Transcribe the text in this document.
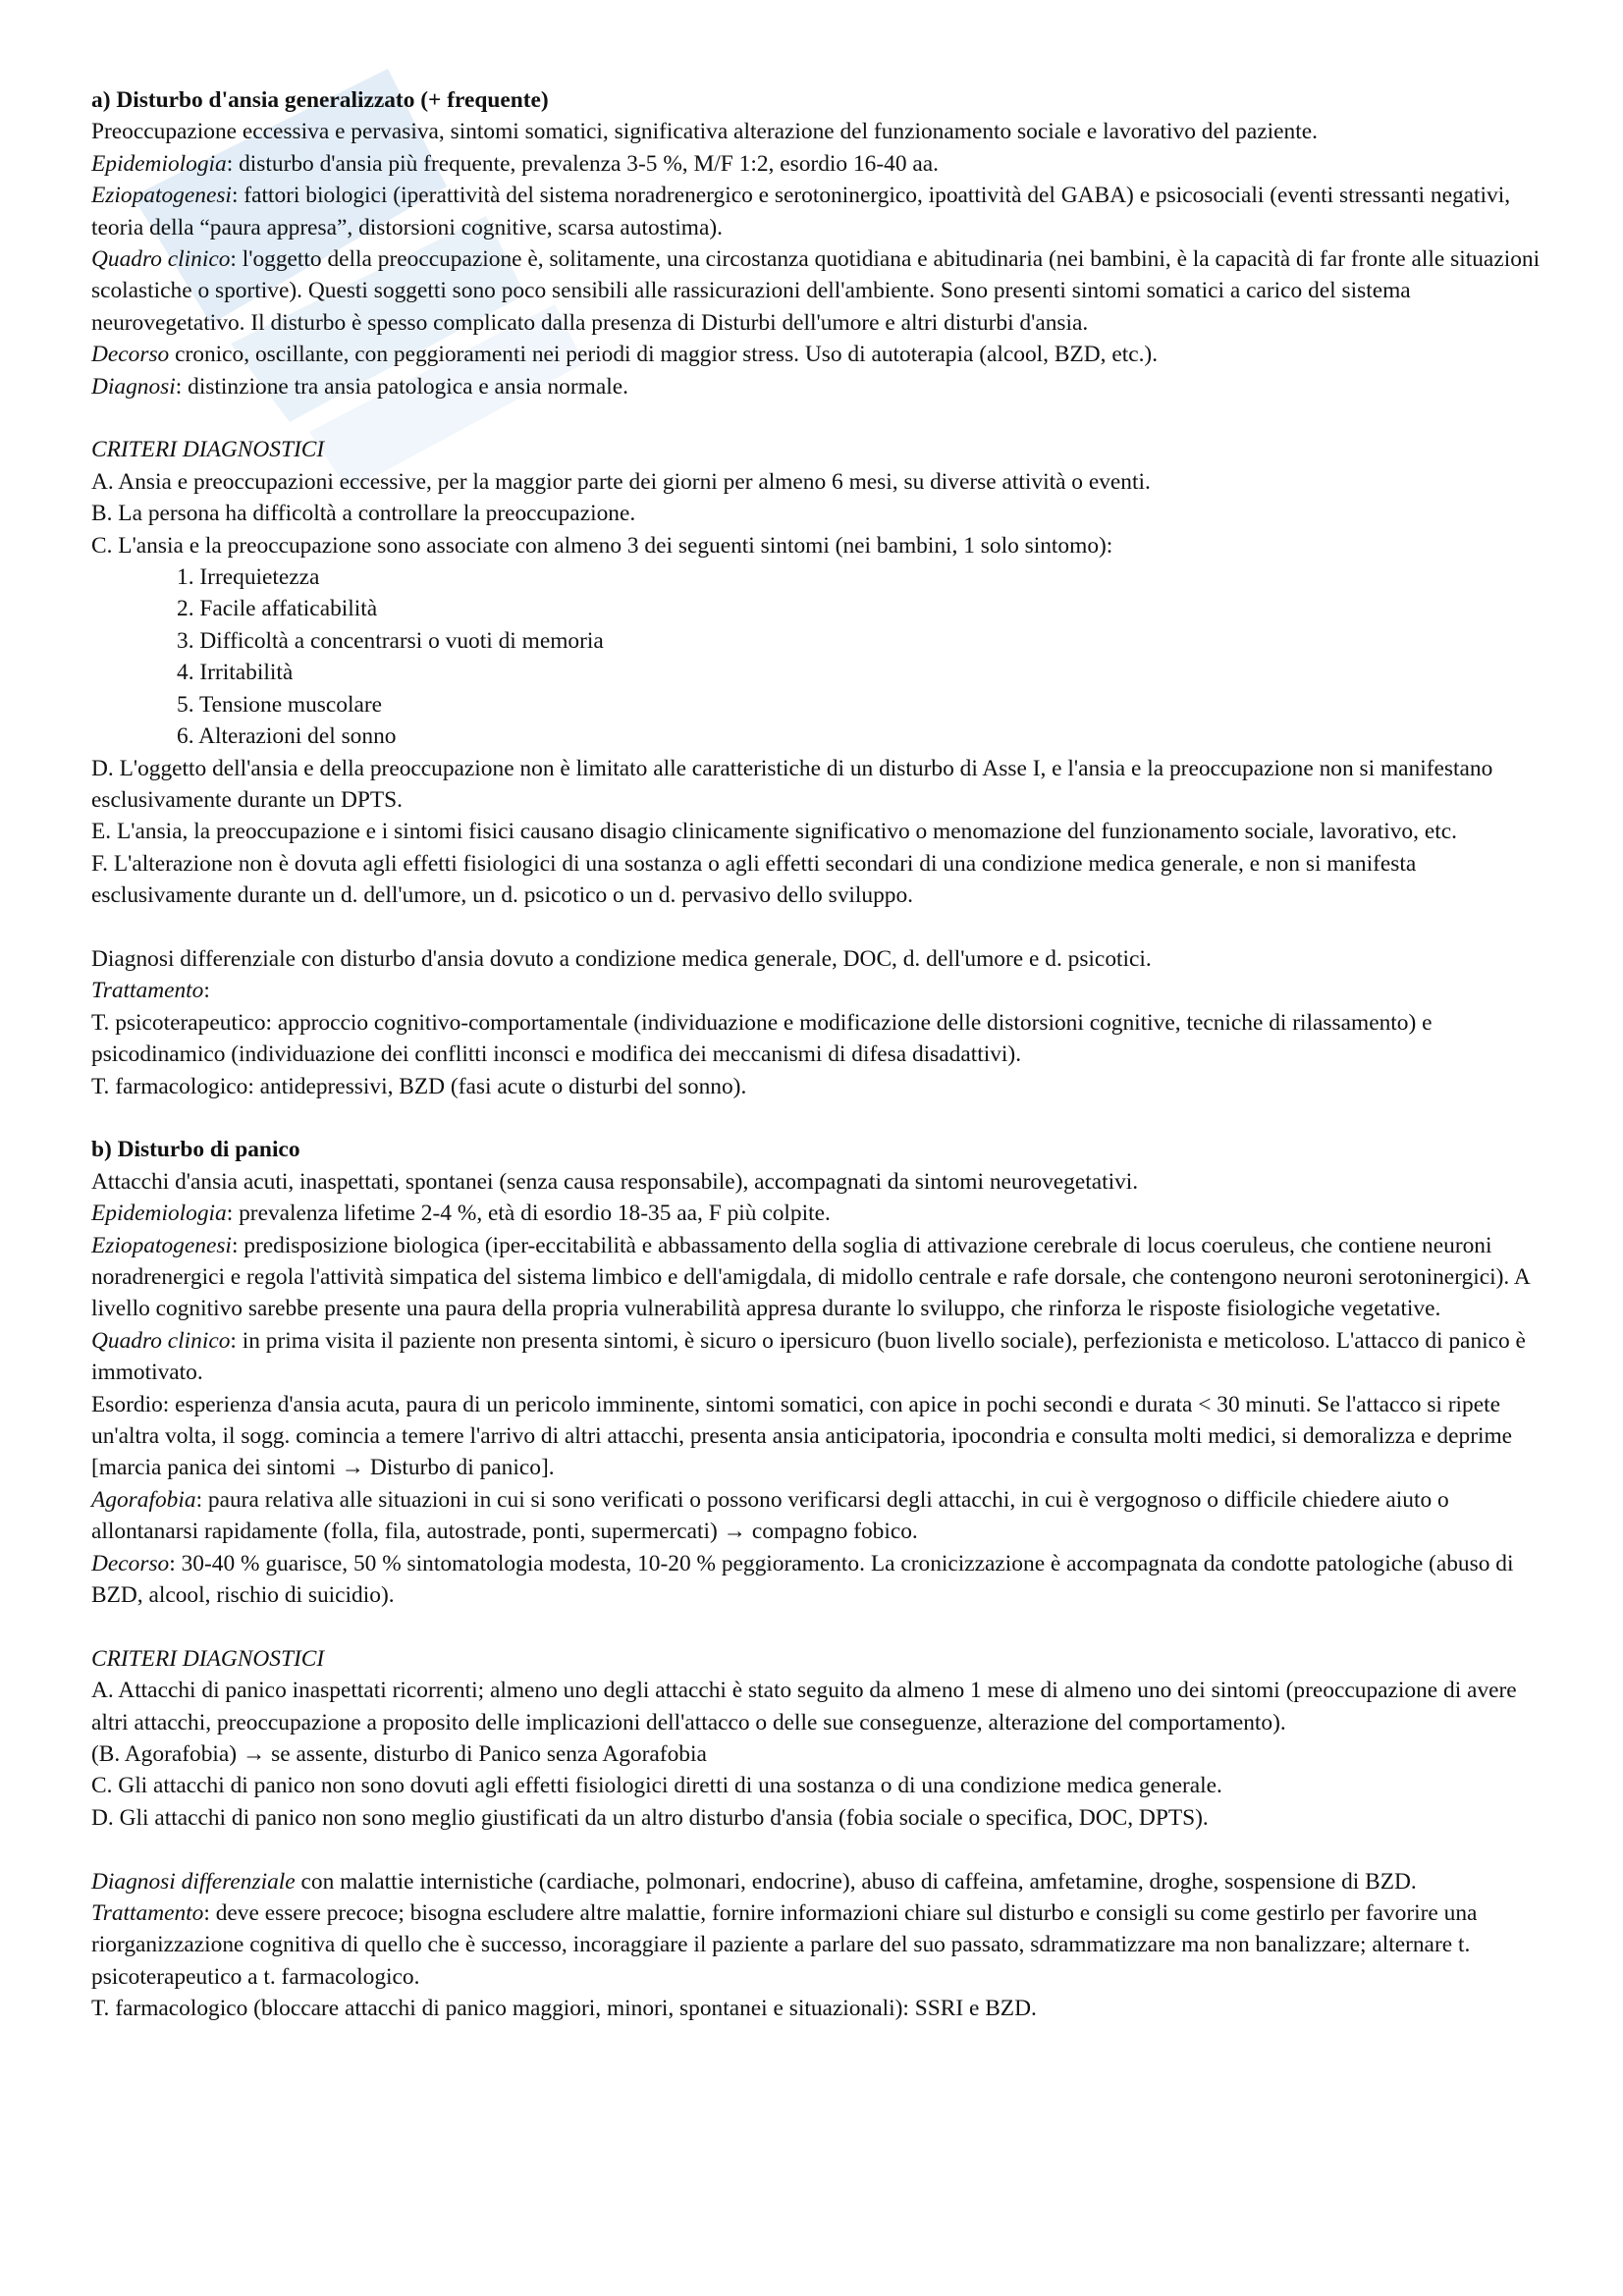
a) Disturbo d'ansia generalizzato (+ frequente)

Preoccupazione eccessiva e pervasiva, sintomi somatici, significativa alterazione del funzionamento sociale e lavorativo del paziente.

Epidemiologia: disturbo d'ansia più frequente, prevalenza 3-5 %, M/F 1:2, esordio 16-40 aa.

Eziopatogenesi: fattori biologici (iperattività del sistema noradrenergico e serotoninergico, ipoattività del GABA) e psicosociali (eventi stressanti negativi, teoria della “paura appresa”, distorsioni cognitive, scarsa autostima).

Quadro clinico: l'oggetto della preoccupazione è, solitamente, una circostanza quotidiana e abitudinaria (nei bambini, è la capacità di far fronte alle situazioni scolastiche o sportive). Questi soggetti sono poco sensibili alle rassicurazioni dell'ambiente. Sono presenti sintomi somatici a carico del sistema neurovegetativo. Il disturbo è spesso complicato dalla presenza di Disturbi dell'umore e altri disturbi d'ansia.

Decorso cronico, oscillante, con peggioramenti nei periodi di maggior stress. Uso di autoterapia (alcool, BZD, etc.).

Diagnosi: distinzione tra ansia patologica e ansia normale.

CRITERI DIAGNOSTICI

A. Ansia e preoccupazioni eccessive, per la maggior parte dei giorni per almeno 6 mesi, su diverse attività o eventi.

B. La persona ha difficoltà a controllare la preoccupazione.

C. L'ansia e la preoccupazione sono associate con almeno 3 dei seguenti sintomi (nei bambini, 1 solo sintomo):

1. Irrequietezza

2. Facile affaticabilità

3. Difficoltà a concentrarsi o vuoti di memoria

4. Irritabilità

5. Tensione muscolare

6. Alterazioni del sonno

D. L'oggetto dell'ansia e della preoccupazione non è limitato alle caratteristiche di un disturbo di Asse I, e l'ansia e la preoccupazione non si manifestano esclusivamente durante un DPTS.

E. L'ansia, la preoccupazione e i sintomi fisici causano disagio clinicamente significativo o menomazione del funzionamento sociale, lavorativo, etc.

F. L'alterazione non è dovuta agli effetti fisiologici di una sostanza o agli effetti secondari di una condizione medica generale, e non si manifesta esclusivamente durante un d. dell'umore, un d. psicotico o un d. pervasivo dello sviluppo.

Diagnosi differenziale con disturbo d'ansia dovuto a condizione medica generale, DOC, d. dell'umore e d. psicotici.

Trattamento:

T. psicoterapeutico: approccio cognitivo-comportamentale (individuazione e modificazione delle distorsioni cognitive, tecniche di rilassamento) e psicodinamico (individuazione dei conflitti inconsci e modifica dei meccanismi di difesa disadattivi).

T. farmacologico: antidepressivi, BZD (fasi acute o disturbi del sonno).

b) Disturbo di panico

Attacchi d'ansia acuti, inaspettati, spontanei (senza causa responsabile), accompagnati da sintomi neurovegetativi.

Epidemiologia: prevalenza lifetime 2-4 %, età di esordio 18-35 aa, F più colpite.

Eziopatogenesi: predisposizione biologica (iper-eccitabilità e abbassamento della soglia di attivazione cerebrale di locus coeruleus, che contiene neuroni noradrenergici e regola l'attività simpatica del sistema limbico e dell'amigdala, di midollo centrale e rafe dorsale, che contengono neuroni serotoninergici). A livello cognitivo sarebbe presente una paura della propria vulnerabilità appresa durante lo sviluppo, che rinforza le risposte fisiologiche vegetative.

Quadro clinico: in prima visita il paziente non presenta sintomi, è sicuro o ipersicuro (buon livello sociale), perfezionista e meticoloso. L'attacco di panico è immotivato.

Esordio: esperienza d'ansia acuta, paura di un pericolo imminente, sintomi somatici, con apice in pochi secondi e durata < 30 minuti. Se l'attacco si ripete un'altra volta, il sogg. comincia a temere l'arrivo di altri attacchi, presenta ansia anticipatoria, ipocondria e consulta molti medici, si demoralizza e deprime [marcia panica dei sintomi → Disturbo di panico].

Agorafobia: paura relativa alle situazioni in cui si sono verificati o possono verificarsi degli attacchi, in cui è vergognoso o difficile chiedere aiuto o allontanarsi rapidamente (folla, fila, autostrade, ponti, supermercati) → compagno fobico.

Decorso: 30-40 % guarisce, 50 % sintomatologia modesta, 10-20 % peggioramento. La cronicizzazione è accompagnata da condotte patologiche (abuso di BZD, alcool, rischio di suicidio).

CRITERI DIAGNOSTICI

A. Attacchi di panico inaspettati ricorrenti; almeno uno degli attacchi è stato seguito da almeno 1 mese di almeno uno dei sintomi (preoccupazione di avere altri attacchi, preoccupazione a proposito delle implicazioni dell'attacco o delle sue conseguenze, alterazione del comportamento).

(B. Agorafobia) → se assente, disturbo di Panico senza Agorafobia

C. Gli attacchi di panico non sono dovuti agli effetti fisiologici diretti di una sostanza o di una condizione medica generale.

D. Gli attacchi di panico non sono meglio giustificati da un altro disturbo d'ansia (fobia sociale o specifica, DOC, DPTS).

Diagnosi differenziale con malattie internistiche (cardiache, polmonari, endocrine), abuso di caffeina, amfetamine, droghe, sospensione di BZD.

Trattamento: deve essere precoce; bisogna escludere altre malattie, fornire informazioni chiare sul disturbo e consigli su come gestirlo per favorire una riorganizzazione cognitiva di quello che è successo, incoraggiare il paziente a parlare del suo passato, sdrammatizzare ma non banalizzare; alternare t. psicoterapeutico a t. farmacologico.

T. farmacologico (bloccare attacchi di panico maggiori, minori, spontanei e situazionali): SSRI e BZD.
